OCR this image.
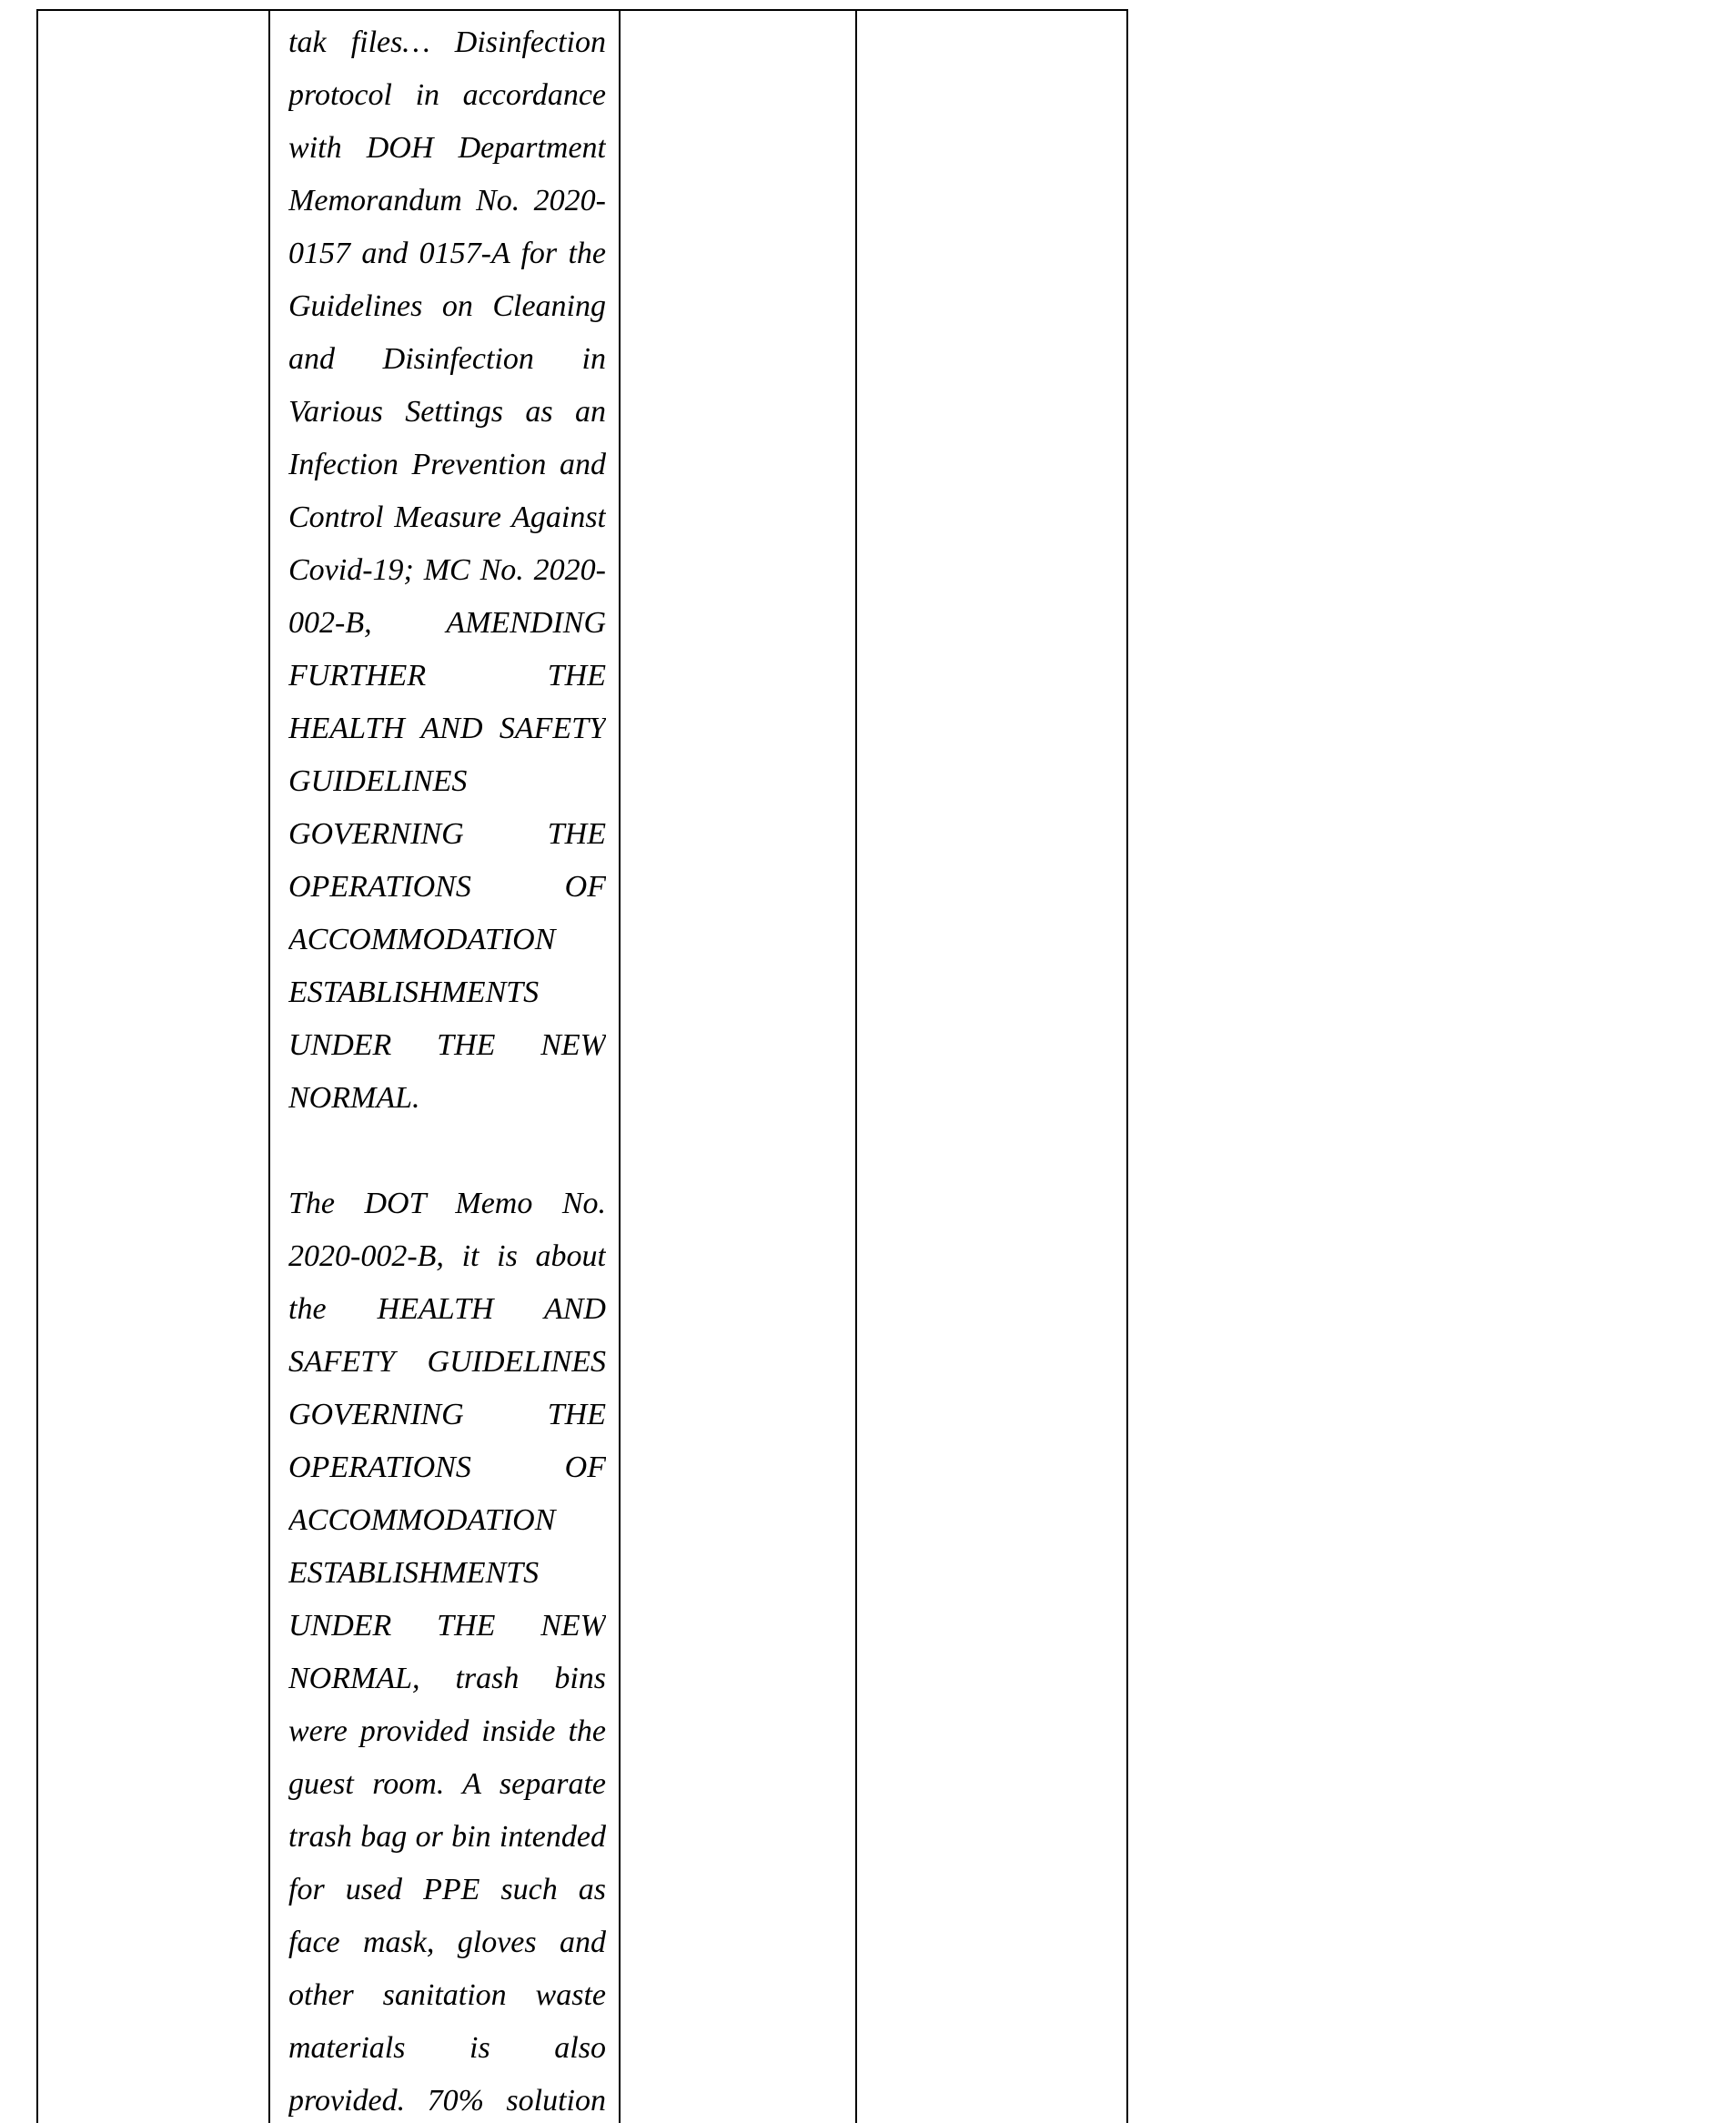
tak files… Disinfection
protocol in accordance
with DOH Department
Memorandum No. 2020-
0157 and 0157-A for the
Guidelines on Cleaning
and Disinfection in
Various Settings as an
Infection Prevention and
Control Measure Against
Covid-19; MC No. 2020-
002-B, AMENDING
FURTHER THE
HEALTH AND SAFETY
GUIDELINES
GOVERNING THE
OPERATIONS OF
ACCOMMODATION
ESTABLISHMENTS
UNDER THE NEW
NORMAL.

The DOT Memo No.
2020-002-B, it is about
the HEALTH AND
SAFETY GUIDELINES
GOVERNING THE
OPERATIONS OF
ACCOMMODATION
ESTABLISHMENTS
UNDER THE NEW
NORMAL, trash bins
were provided inside the
guest room. A separate
trash bag or bin intended
for used PPE such as
face mask, gloves and
other sanitation waste
materials is also
provided. 70% solution
